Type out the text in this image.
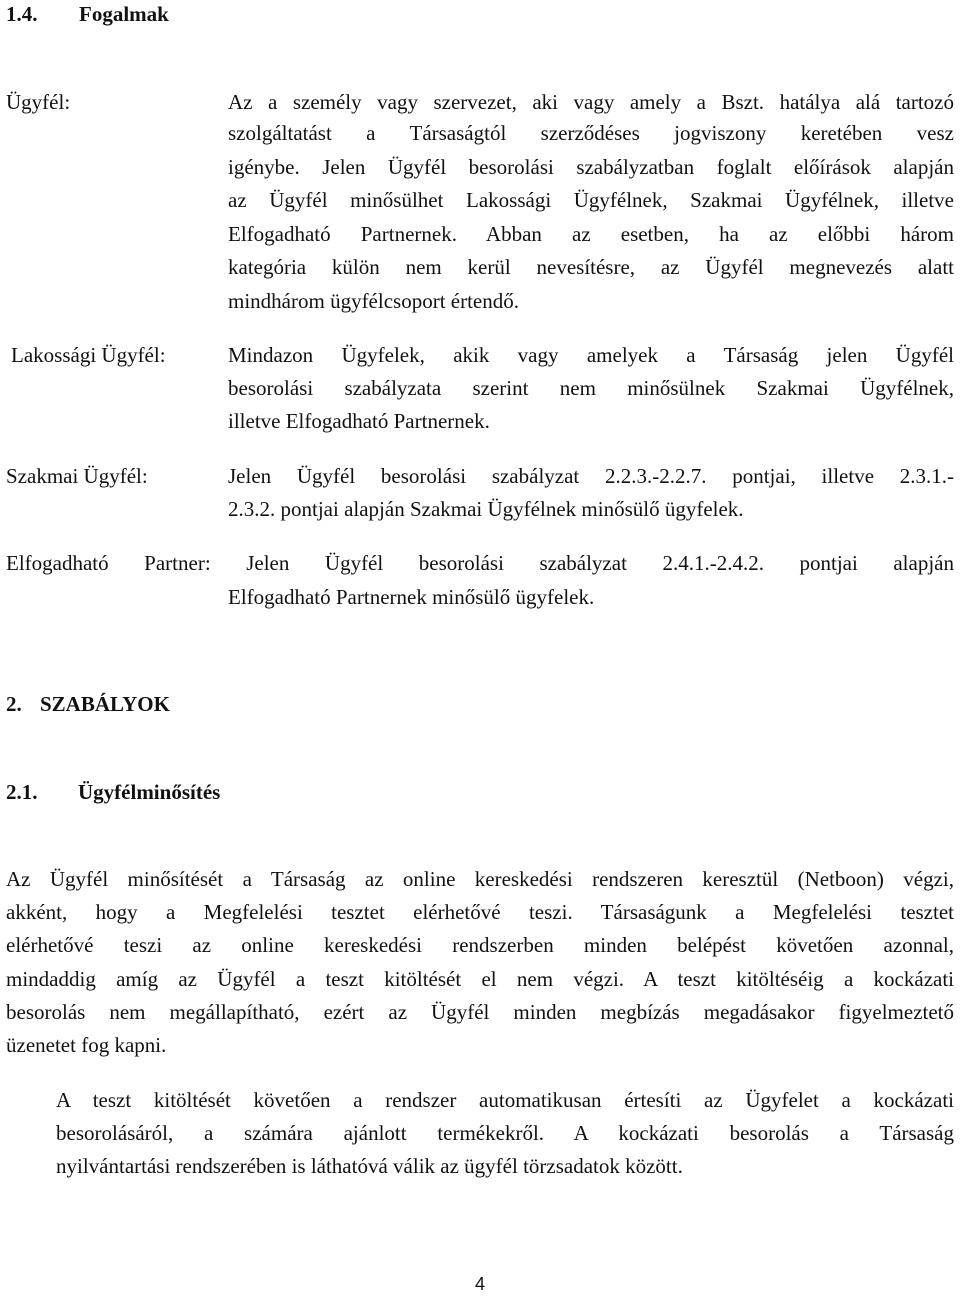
1.4. Fogalmak
Ügyfél:	Az a személy vagy szervezet, aki vagy amely a Bszt. hatálya alá tartozó
szolgáltatást a Társaságtól szerződéses jogviszony keretében vesz
igénybe. Jelen Ügyfél besorolási szabályzatban foglalt előírások alapján
az Ügyfél minősülhet Lakossági Ügyfélnek, Szakmai Ügyfélnek, illetve
Elfogadható Partnernek. Abban az esetben, ha az előbbi három
kategória külön nem kerül nevesítésre, az Ügyfél megnevezés alatt
mindhárom ügyfélcsoport értendő.
Lakossági Ügyfél:	Mindazon Ügyfelek, akik vagy amelyek a Társaság jelen Ügyfél
besorolási szabályzata szerint nem minősülnek Szakmai Ügyfélnek,
illetve Elfogadható Partnernek.
Szakmai Ügyfél:	Jelen Ügyfél besorolási szabályzat 2.2.3.-2.2.7. pontjai, illetve 2.3.1.-
2.3.2. pontjai alapján Szakmai Ügyfélnek minősülő ügyfelek.
Elfogadható Partner: Jelen Ügyfél besorolási szabályzat 2.4.1.-2.4.2. pontjai alapján
Elfogadható Partnernek minősülő ügyfelek.
2. SZABÁLYOK
2.1. Ügyfélminősítés
Az Ügyfél minősítését a Társaság az online kereskedési rendszeren keresztül (Netboon) végzi,
akként, hogy a Megfelelési tesztet elérhetővé teszi. Társaságunk a Megfelelési tesztet
elérhetővé teszi az online kereskedési rendszerben minden belépést követően azonnal,
mindaddig amíg az Ügyfél a teszt kitöltését el nem végzi. A teszt kitöltéséig a kockázati
besorolás nem megállapítható, ezért az Ügyfél minden megbízás megadásakor figyelmeztető
üzenetet fog kapni.
A teszt kitöltését követően a rendszer automatikusan értesíti az Ügyfelet a kockázati
besorolásáról, a számára ajánlott termékekről. A kockázati besorolás a Társaság
nyilvántartási rendszerében is láthatóvá válik az ügyfél törzsadatok között.
4
